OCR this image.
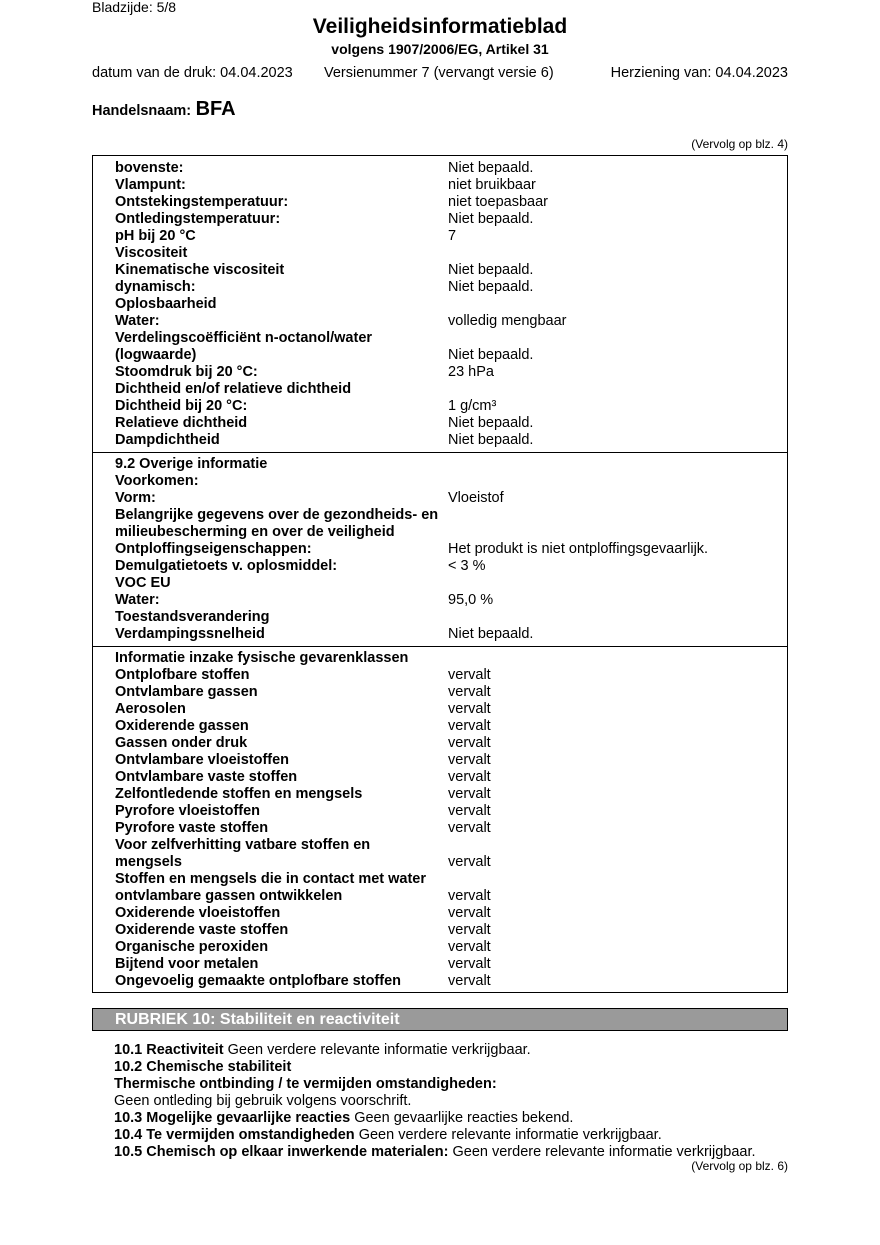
Bladzijde: 5/8
Veiligheidsinformatieblad
volgens 1907/2006/EG, Artikel 31
datum van de druk: 04.04.2023 Versienummer 7 (vervangt versie 6)	Herziening van: 04.04.2023
Handelsnaam: BFA
(Vervolg op blz. 4)
bovenste:	Niet bepaald.
Vlampunt:	niet bruikbaar
Ontstekingstemperatuur:	niet toepasbaar
Ontledingstemperatuur:	Niet bepaald.
pH bij 20 °C	7
Viscositeit
Kinematische viscositeit	Niet bepaald.
dynamisch:	Niet bepaald.
Oplosbaarheid
Water:	volledig mengbaar
Verdelingscoëfficiënt n-octanol/water
(logwaarde)	Niet bepaald.
Stoomdruk bij 20 °C:	23 hPa
Dichtheid en/of relatieve dichtheid
Dichtheid bij 20 °C:	1 g/cm³
Relatieve dichtheid	Niet bepaald.
Dampdichtheid	Niet bepaald.
9.2 Overige informatie
Voorkomen:
Vorm:	Vloeistof
Belangrijke gegevens over de gezondheids- en
milieubescherming en over de veiligheid
Ontploffingseigenschappen:	Het produkt is niet ontploffingsgevaarlijk.
Demulgatietoets v. oplosmiddel:	< 3 %
VOC EU
Water:	95,0 %
Toestandsverandering
Verdampingssnelheid	Niet bepaald.
Informatie inzake fysische gevarenklassen
Ontplofbare stoffen	vervalt
Ontvlambare gassen	vervalt
Aerosolen	vervalt
Oxiderende gassen	vervalt
Gassen onder druk	vervalt
Ontvlambare vloeistoffen	vervalt
Ontvlambare vaste stoffen	vervalt
Zelfontledende stoffen en mengsels	vervalt
Pyrofore vloeistoffen	vervalt
Pyrofore vaste stoffen	vervalt
Voor zelfverhitting vatbare stoffen en
mengsels	vervalt
Stoffen en mengsels die in contact met water
ontvlambare gassen ontwikkelen	vervalt
Oxiderende vloeistoffen	vervalt
Oxiderende vaste stoffen	vervalt
Organische peroxiden	vervalt
Bijtend voor metalen	vervalt
Ongevoelig gemaakte ontplofbare stoffen	vervalt
RUBRIEK 10: Stabiliteit en reactiviteit
10.1 Reactiviteit Geen verdere relevante informatie verkrijgbaar.
10.2 Chemische stabiliteit
Thermische ontbinding / te vermijden omstandigheden:
Geen ontleding bij gebruik volgens voorschrift.
10.3 Mogelijke gevaarlijke reacties Geen gevaarlijke reacties bekend.
10.4 Te vermijden omstandigheden Geen verdere relevante informatie verkrijgbaar.
10.5 Chemisch op elkaar inwerkende materialen: Geen verdere relevante informatie verkrijgbaar.
(Vervolg op blz. 6)
